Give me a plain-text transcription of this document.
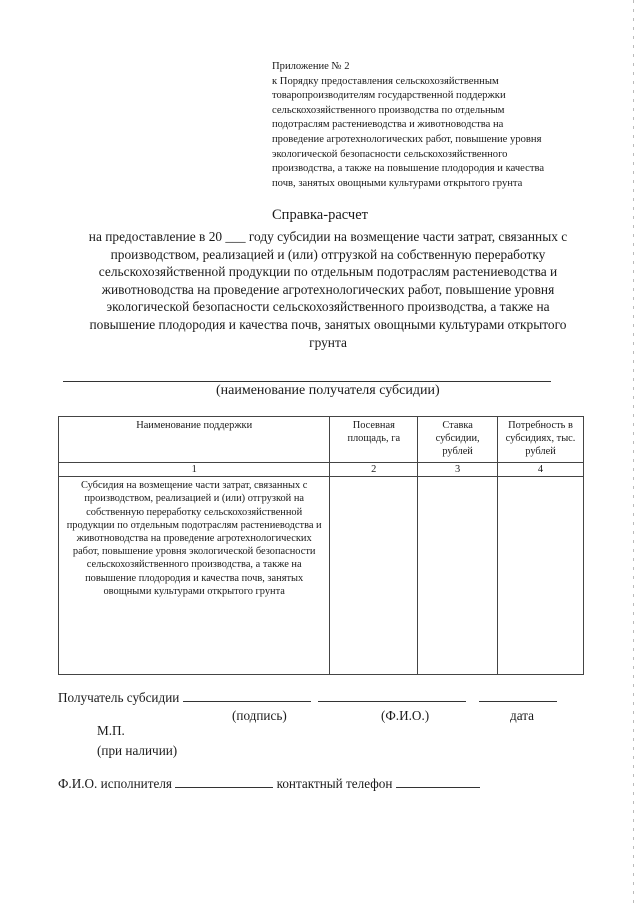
Приложение № 2
к Порядку предоставления сельскохозяйственным
товаропроизводителям государственной поддержки
сельскохозяйственного производства по отдельным
подотраслям растениеводства и животноводства на
проведение агротехнологических работ, повышение уровня
экологической безопасности сельскохозяйственного
производства, а также на повышение плодородия и качества
почв, занятых овощными культурами открытого грунта
Справка-расчет
на предоставление в 20 ___ году субсидии на возмещение части затрат, связанных с
производством, реализацией и (или) отгрузкой на собственную переработку
сельскохозяйственной продукции по отдельным подотраслям растениеводства и
животноводства на проведение агротехнологических работ, повышение уровня
экологической безопасности сельскохозяйственного производства, а также на
повышение плодородия и качества почв, занятых овощными культурами открытого
грунта
(наименование получателя субсидии)
Наименование поддержки	Посевная площадь, га	Ставка субсидии, рублей	Потребность в субсидиях, тыс. рублей
1	2	3	4
Субсидия на возмещение части затрат, связанных с производством, реализацией и (или) отгрузкой на собственную переработку сельскохозяйственной продукции по отдельным подотраслям растениеводства и животноводства на проведение агротехнологических работ, повышение уровня экологической безопасности сельскохозяйственного производства, а также на повышение плодородия и качества почв, занятых овощными культурами открытого грунта			
Получатель субсидии
(подпись)	(Ф.И.О.)	дата
М.П.
(при наличии)
Ф.И.О. исполнителя	контактный телефон
